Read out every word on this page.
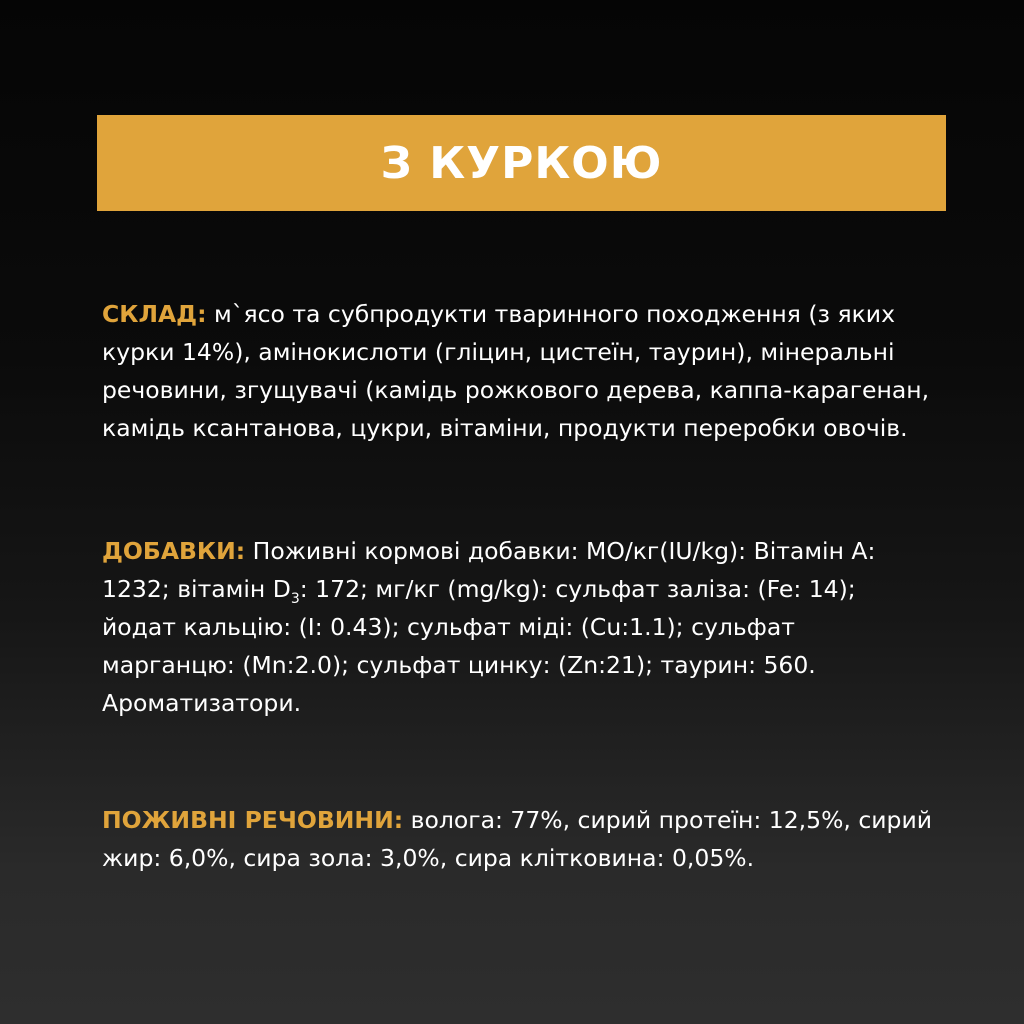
З КУРКОЮ

СКЛАД: м`ясо та субпродукти тваринного походження (з яких курки 14%), амінокислоти (гліцин, цистеїн, таурин), мінеральні речовини, згущувачі (камідь рожкового дерева, каппа-карагенан, камідь ксантанова, цукри, вітаміни, продукти переробки овочів.

ДОБАВКИ: Поживні кормові добавки: МО/кг(IU/kg): Вітамін А: 1232; вітамін $D_3$: 172; мг/кг (mg/kg): сульфат заліза: (Fe: 14); йодат кальцію: (I: 0.43); сульфат міді: (Cu:1.1); сульфат марганцю: (Mn:2.0); сульфат цинку: (Zn:21); таурин: 560.
Ароматизатори.

ПОЖИВНІ РЕЧОВИНИ: вологa: 77%, сирий протеїн: 12,5%, сирий жир: 6,0%, сира зола: 3,0%, сира клітковина: 0,05%.
